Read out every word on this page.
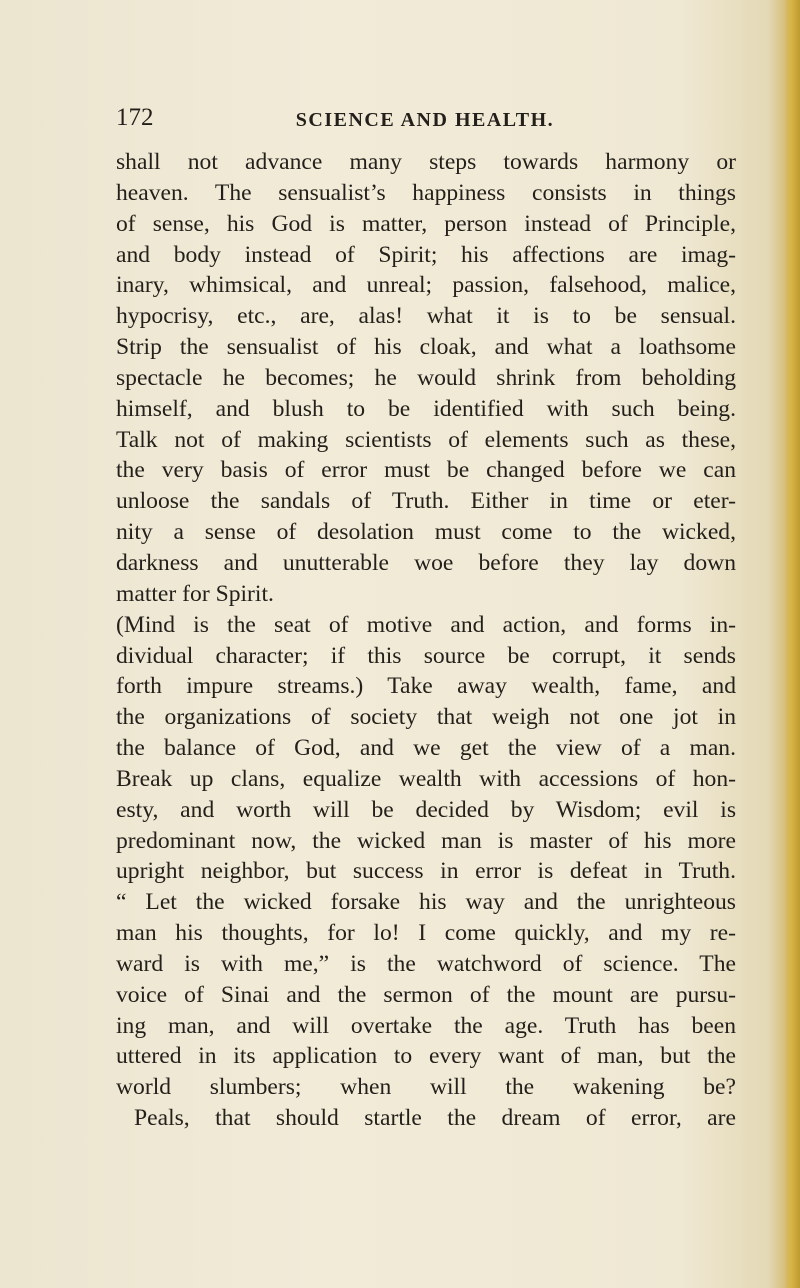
172	SCIENCE AND HEALTH.
shall not advance many steps towards harmony or
heaven. The sensualist’s happiness consists in things
of sense, his God is matter, person instead of Principle,
and body instead of Spirit; his affections are imag-
inary, whimsical, and unreal; passion, falsehood, malice,
hypocrisy, etc., are, alas! what it is to be sensual.
Strip the sensualist of his cloak, and what a loathsome
spectacle he becomes; he would shrink from beholding
himself, and blush to be identified with such being.
Talk not of making scientists of elements such as these,
the very basis of error must be changed before we can
unloose the sandals of Truth. Either in time or eter-
nity a sense of desolation must come to the wicked,
darkness and unutterable woe before they lay down
matter for Spirit.
(Mind is the seat of motive and action, and forms in-
dividual character; if this source be corrupt, it sends
forth impure streams.) Take away wealth, fame, and
the organizations of society that weigh not one jot in
the balance of God, and we get the view of a man.
Break up clans, equalize wealth with accessions of hon-
esty, and worth will be decided by Wisdom; evil is
predominant now, the wicked man is master of his more
upright neighbor, but success in error is defeat in Truth.
“ Let the wicked forsake his way and the unrighteous
man his thoughts, for lo! I come quickly, and my re-
ward is with me,” is the watchword of science. The
voice of Sinai and the sermon of the mount are pursu-
ing man, and will overtake the age. Truth has been
uttered in its application to every want of man, but the
world slumbers; when will the wakening be?
Peals, that should startle the dream of error, are
